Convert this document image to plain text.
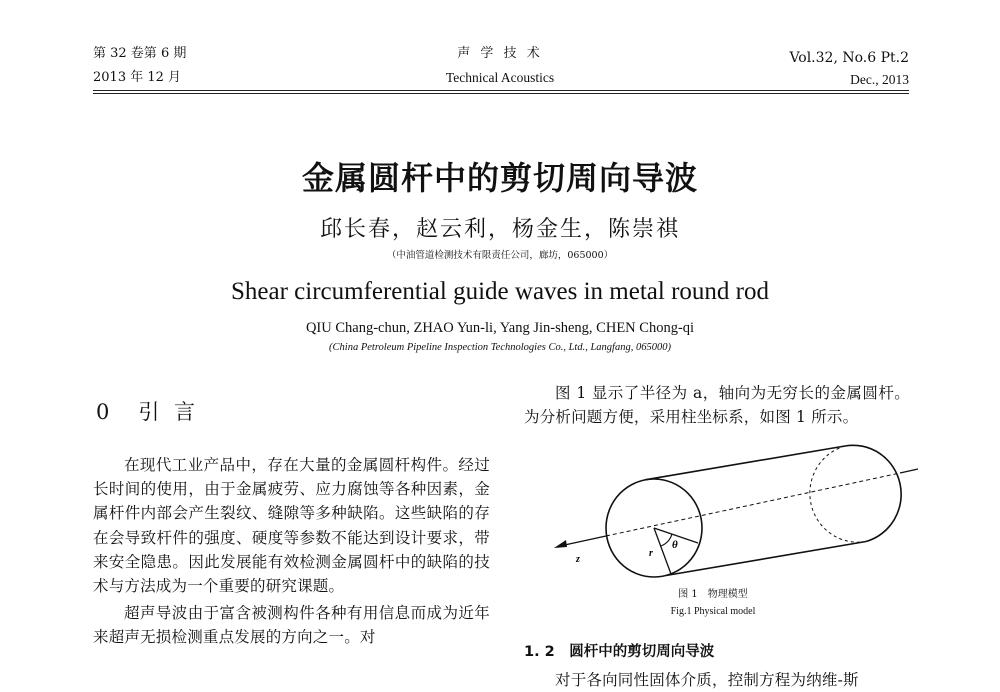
第 32 卷第 6 期
2013 年 12 月
声 学 技 术
Technical Acoustics
Vol.32, No.6 Pt.2
Dec., 2013
金属圆杆中的剪切周向导波
邱长春，赵云利，杨金生，陈崇祺
（中油管道检测技术有限责任公司，廊坊，065000）
Shear circumferential guide waves in metal round rod
QIU Chang-chun, ZHAO Yun-li, Yang Jin-sheng, CHEN Chong-qi
(China Petroleum Pipeline Inspection Technologies Co., Ltd., Langfang, 065000)
0　引 言

在现代工业产品中，存在大量的金属圆杆构件。经过长时间的使用，由于金属疲劳、应力腐蚀等各种因素，金属杆件内部会产生裂纹、缝隙等多种缺陷。这些缺陷的存在会导致杆件的强度、硬度等参数不能达到设计要求，带来安全隐患。因此发展能有效检测金属圆杆中的缺陷的技术与方法成为一个重要的研究课题。

超声导波由于富含被测构件各种有用信息而成为近年来超声无损检测重点发展的方向之一。对

图 1 显示了半径为 a，轴向为无穷长的金属圆杆。为分析问题方便，采用柱坐标系，如图 1 所示。

z
r
θ
图 1　物理模型
Fig.1 Physical model
1. 2　圆杆中的剪切周向导波

对于各向同性固体介质，控制方程为纳维-斯
